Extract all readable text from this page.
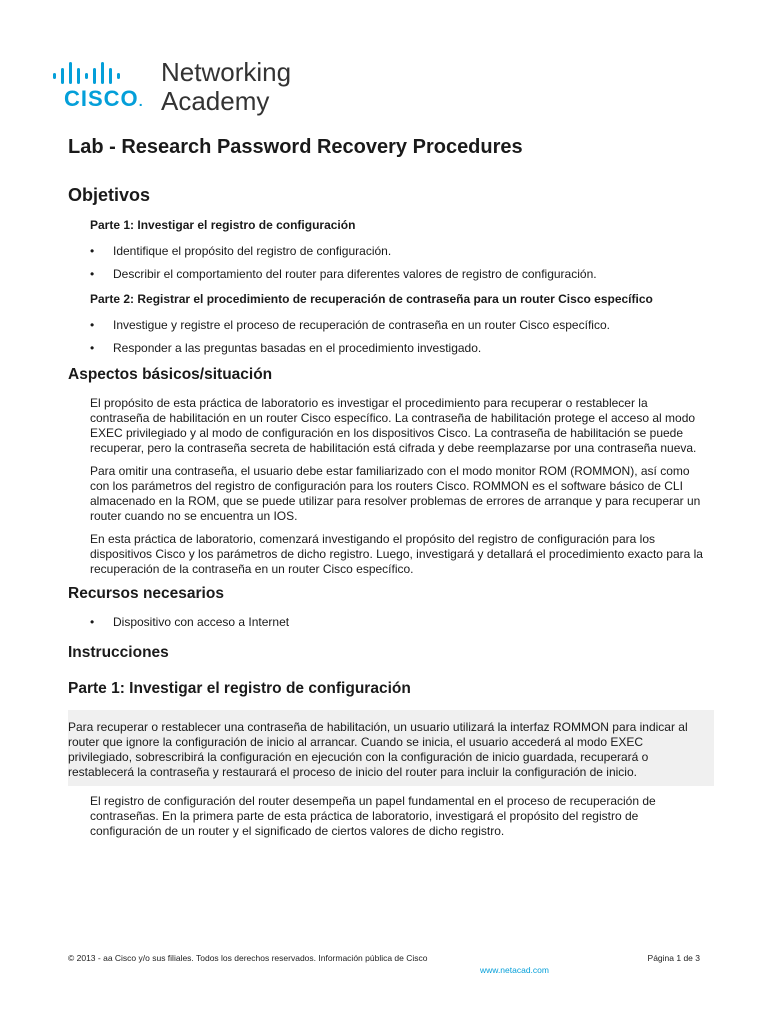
CISCO.
Networking
Academy
Lab - Research Password Recovery Procedures
Objetivos
Parte 1: Investigar el registro de configuración
• Identifique el propósito del registro de configuración.
• Describir el comportamiento del router para diferentes valores de registro de configuración.
Parte 2: Registrar el procedimiento de recuperación de contraseña para un router Cisco específico
• Investigue y registre el proceso de recuperación de contraseña en un router Cisco específico.
• Responder a las preguntas basadas en el procedimiento investigado.
Aspectos básicos/situación

El propósito de esta práctica de laboratorio es investigar el procedimiento para recuperar o restablecer la contraseña de habilitación en un router Cisco específico. La contraseña de habilitación protege el acceso al modo EXEC privilegiado y al modo de configuración en los dispositivos Cisco. La contraseña de habilitación se puede recuperar, pero la contraseña secreta de habilitación está cifrada y debe reemplazarse por una contraseña nueva.

Para omitir una contraseña, el usuario debe estar familiarizado con el modo monitor ROM (ROMMON), así como con los parámetros del registro de configuración para los routers Cisco. ROMMON es el software básico de CLI almacenado en la ROM, que se puede utilizar para resolver problemas de errores de arranque y para recuperar un router cuando no se encuentra un IOS.

En esta práctica de laboratorio, comenzará investigando el propósito del registro de configuración para los dispositivos Cisco y los parámetros de dicho registro. Luego, investigará y detallará el procedimiento exacto para la recuperación de la contraseña en un router Cisco específico.

Recursos necesarios
• Dispositivo con acceso a Internet
Instrucciones
Parte 1: Investigar el registro de configuración

Para recuperar o restablecer una contraseña de habilitación, un usuario utilizará la interfaz ROMMON para indicar al router que ignore la configuración de inicio al arrancar. Cuando se inicia, el usuario accederá al modo EXEC privilegiado, sobrescribirá la configuración en ejecución con la configuración de inicio guardada, recuperará o restablecerá la contraseña y restaurará el proceso de inicio del router para incluir la configuración de inicio.

El registro de configuración del router desempeña un papel fundamental en el proceso de recuperación de contraseñas. En la primera parte de esta práctica de laboratorio, investigará el propósito del registro de configuración de un router y el significado de ciertos valores de dicho registro.

© 2013 - aa Cisco y/o sus filiales. Todos los derechos reservados. Información pública de Cisco	Página 1 de 3
www.netacad.com
